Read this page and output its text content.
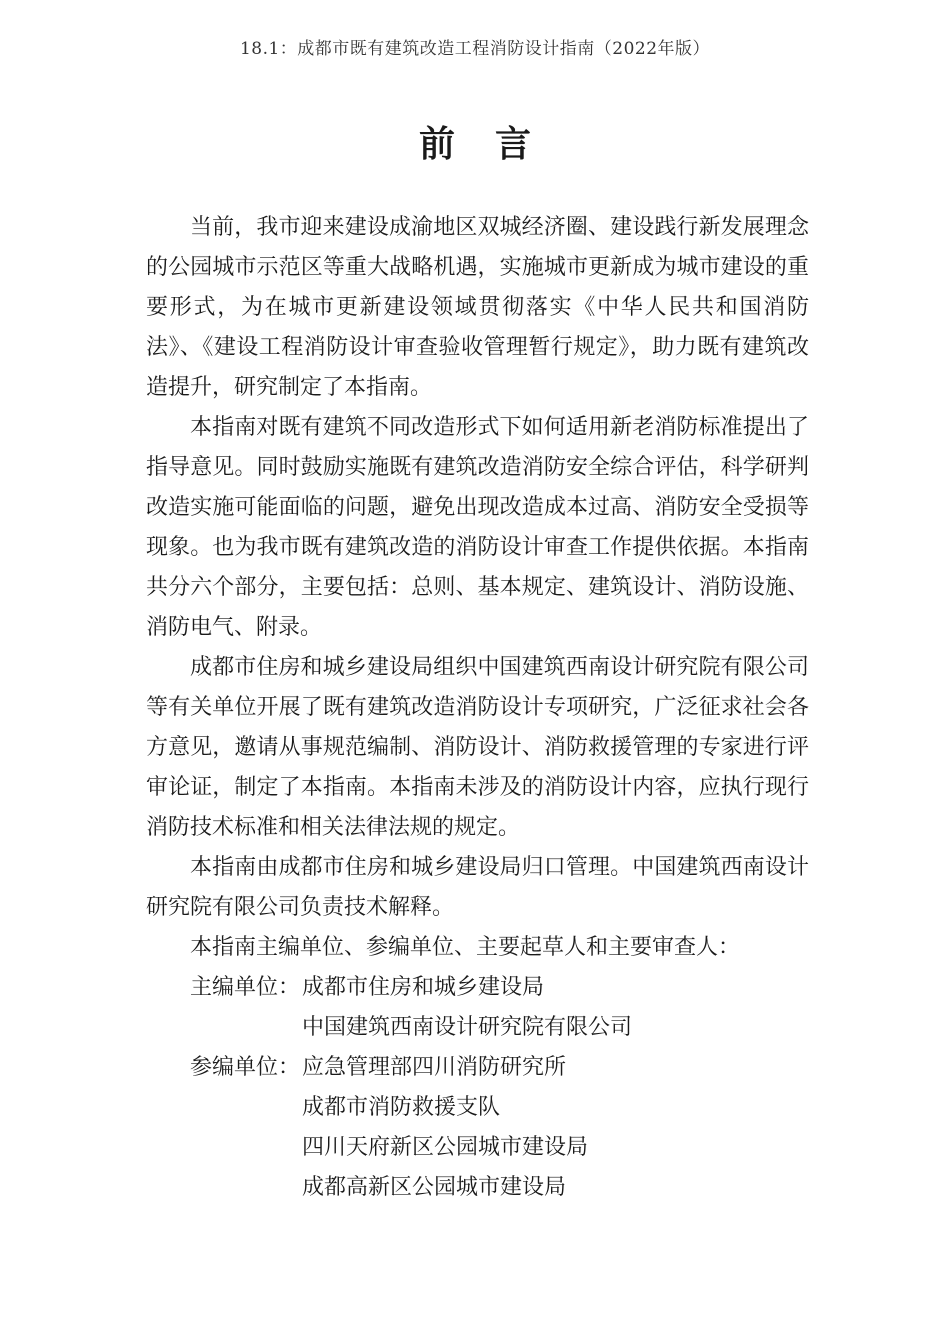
18.1：成都市既有建筑改造工程消防设计指南（2022年版）
前言

当前，我市迎来建设成渝地区双城经济圈、建设践行新发展理念的公园城市示范区等重大战略机遇，实施城市更新成为城市建设的重要形式，为在城市更新建设领域贯彻落实《中华人民共和国消防法》、《建设工程消防设计审查验收管理暂行规定》，助力既有建筑改造提升，研究制定了本指南。

本指南对既有建筑不同改造形式下如何适用新老消防标准提出了指导意见。同时鼓励实施既有建筑改造消防安全综合评估，科学研判改造实施可能面临的问题，避免出现改造成本过高、消防安全受损等现象。也为我市既有建筑改造的消防设计审查工作提供依据。本指南共分六个部分，主要包括：总则、基本规定、建筑设计、消防设施、消防电气、附录。

成都市住房和城乡建设局组织中国建筑西南设计研究院有限公司等有关单位开展了既有建筑改造消防设计专项研究，广泛征求社会各方意见，邀请从事规范编制、消防设计、消防救援管理的专家进行评审论证，制定了本指南。本指南未涉及的消防设计内容，应执行现行消防技术标准和相关法律法规的规定。

本指南由成都市住房和城乡建设局归口管理。中国建筑西南设计研究院有限公司负责技术解释。

本指南主编单位、参编单位、主要起草人和主要审查人：

主编单位： 成都市住房和城乡建设局
中国建筑西南设计研究院有限公司
参编单位： 应急管理部四川消防研究所
成都市消防救援支队
四川天府新区公园城市建设局
成都高新区公园城市建设局
